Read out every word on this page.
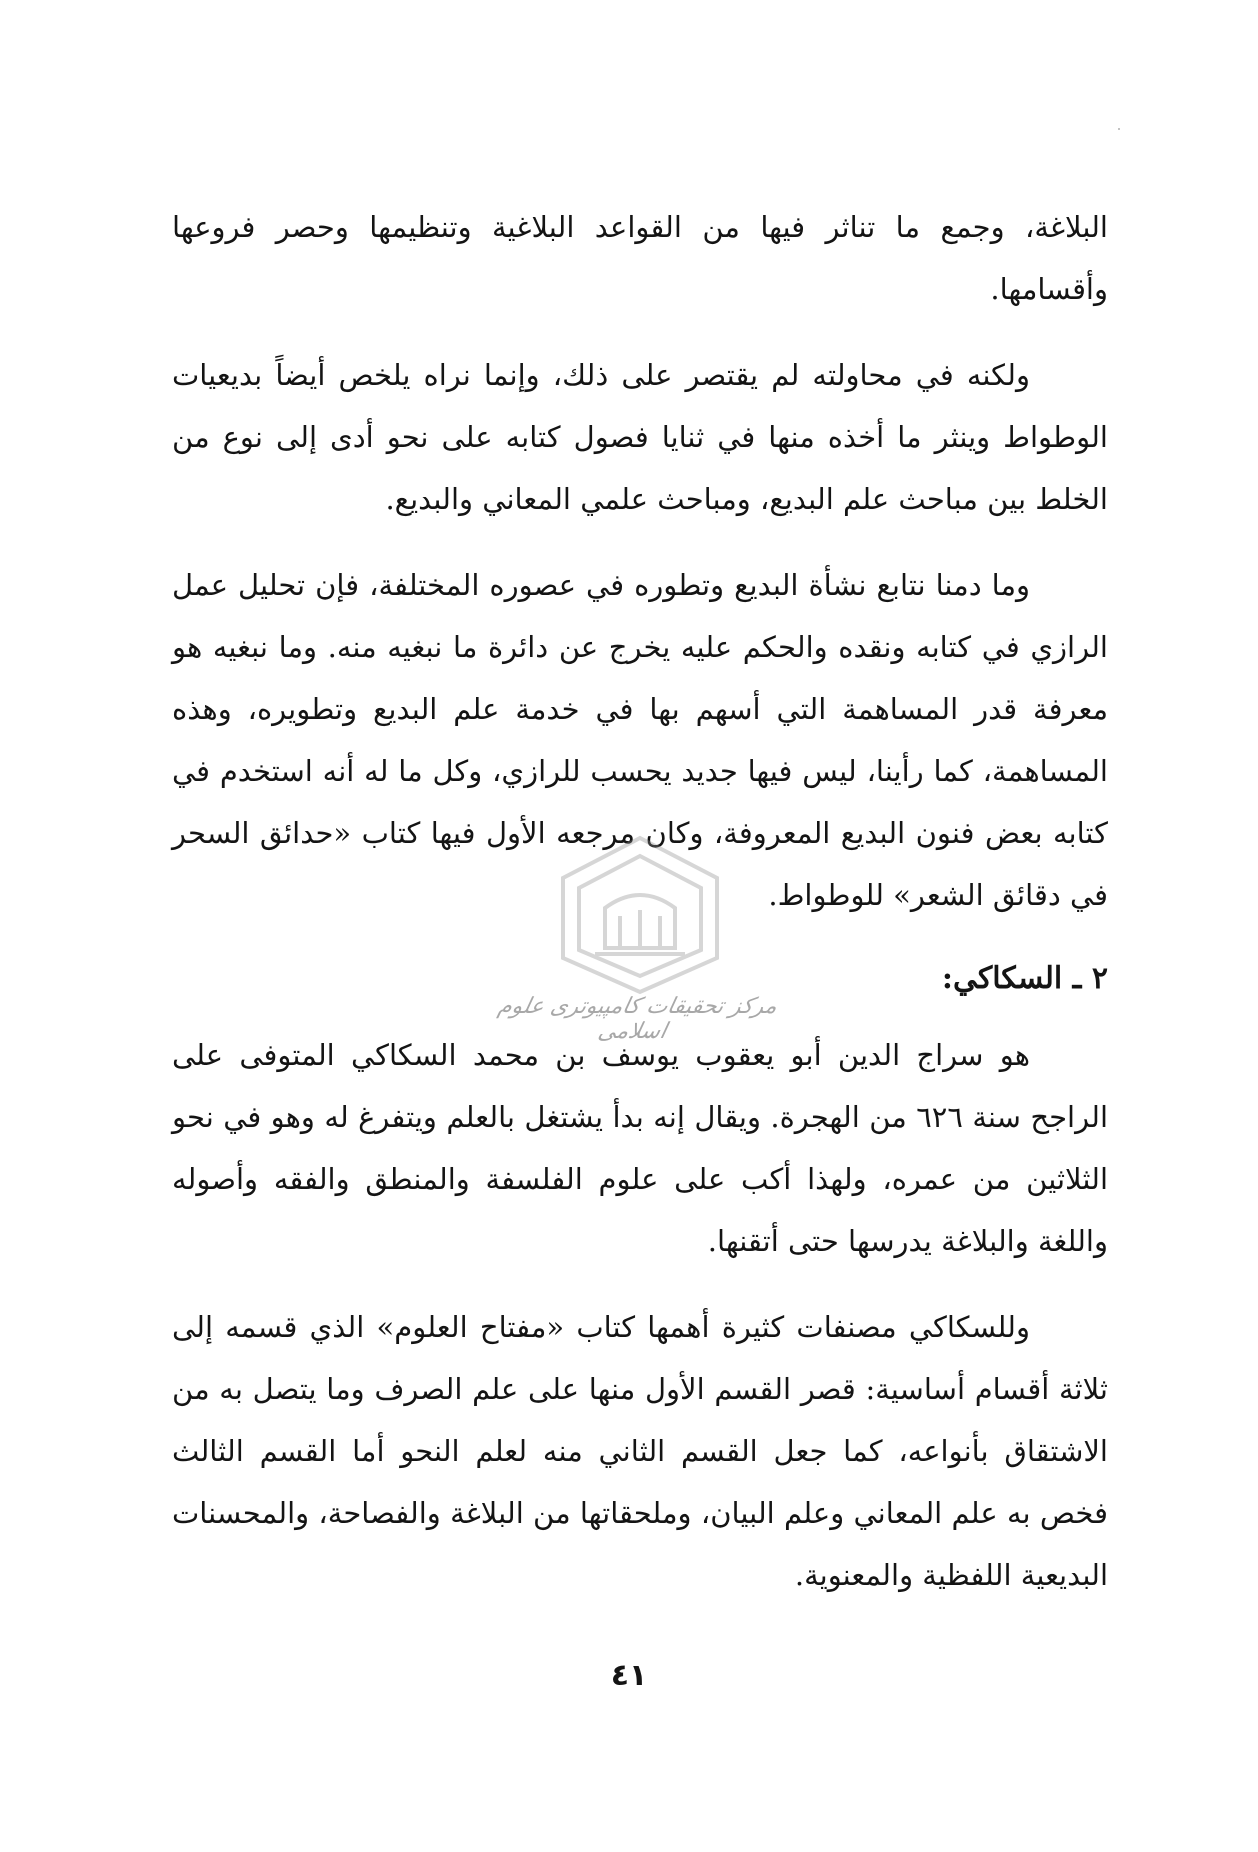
البلاغة، وجمع ما تناثر فيها من القواعد البلاغية وتنظيمها وحصر فروعها وأقسامها.

ولكنه في محاولته لم يقتصر على ذلك، وإنما نراه يلخص أيضاً بديعيات الوطواط وينثر ما أخذه منها في ثنايا فصول كتابه على نحو أدى إلى نوع من الخلط بين مباحث علم البديع، ومباحث علمي المعاني والبديع.

وما دمنا نتابع نشأة البديع وتطوره في عصوره المختلفة، فإن تحليل عمل الرازي في كتابه ونقده والحكم عليه يخرج عن دائرة ما نبغيه منه. وما نبغيه هو معرفة قدر المساهمة التي أسهم بها في خدمة علم البديع وتطويره، وهذه المساهمة، كما رأينا، ليس فيها جديد يحسب للرازي، وكل ما له أنه استخدم في كتابه بعض فنون البديع المعروفة، وكان مرجعه الأول فيها كتاب «حدائق السحر في دقائق الشعر» للوطواط.

٢ ـ السكاكي:

هو سراج الدين أبو يعقوب يوسف بن محمد السكاكي المتوفى على الراجح سنة ٦٢٦ من الهجرة. ويقال إنه بدأ يشتغل بالعلم ويتفرغ له وهو في نحو الثلاثين من عمره، ولهذا أكب على علوم الفلسفة والمنطق والفقه وأصوله واللغة والبلاغة يدرسها حتى أتقنها.

وللسكاكي مصنفات كثيرة أهمها كتاب «مفتاح العلوم» الذي قسمه إلى ثلاثة أقسام أساسية: قصر القسم الأول منها على علم الصرف وما يتصل به من الاشتقاق بأنواعه، كما جعل القسم الثاني منه لعلم النحو أما القسم الثالث فخص به علم المعاني وعلم البيان، وملحقاتها من البلاغة والفصاحة، والمحسنات البديعية اللفظية والمعنوية.

مرکز تحقیقات کامپیوتری علوم اسلامی
٤١
